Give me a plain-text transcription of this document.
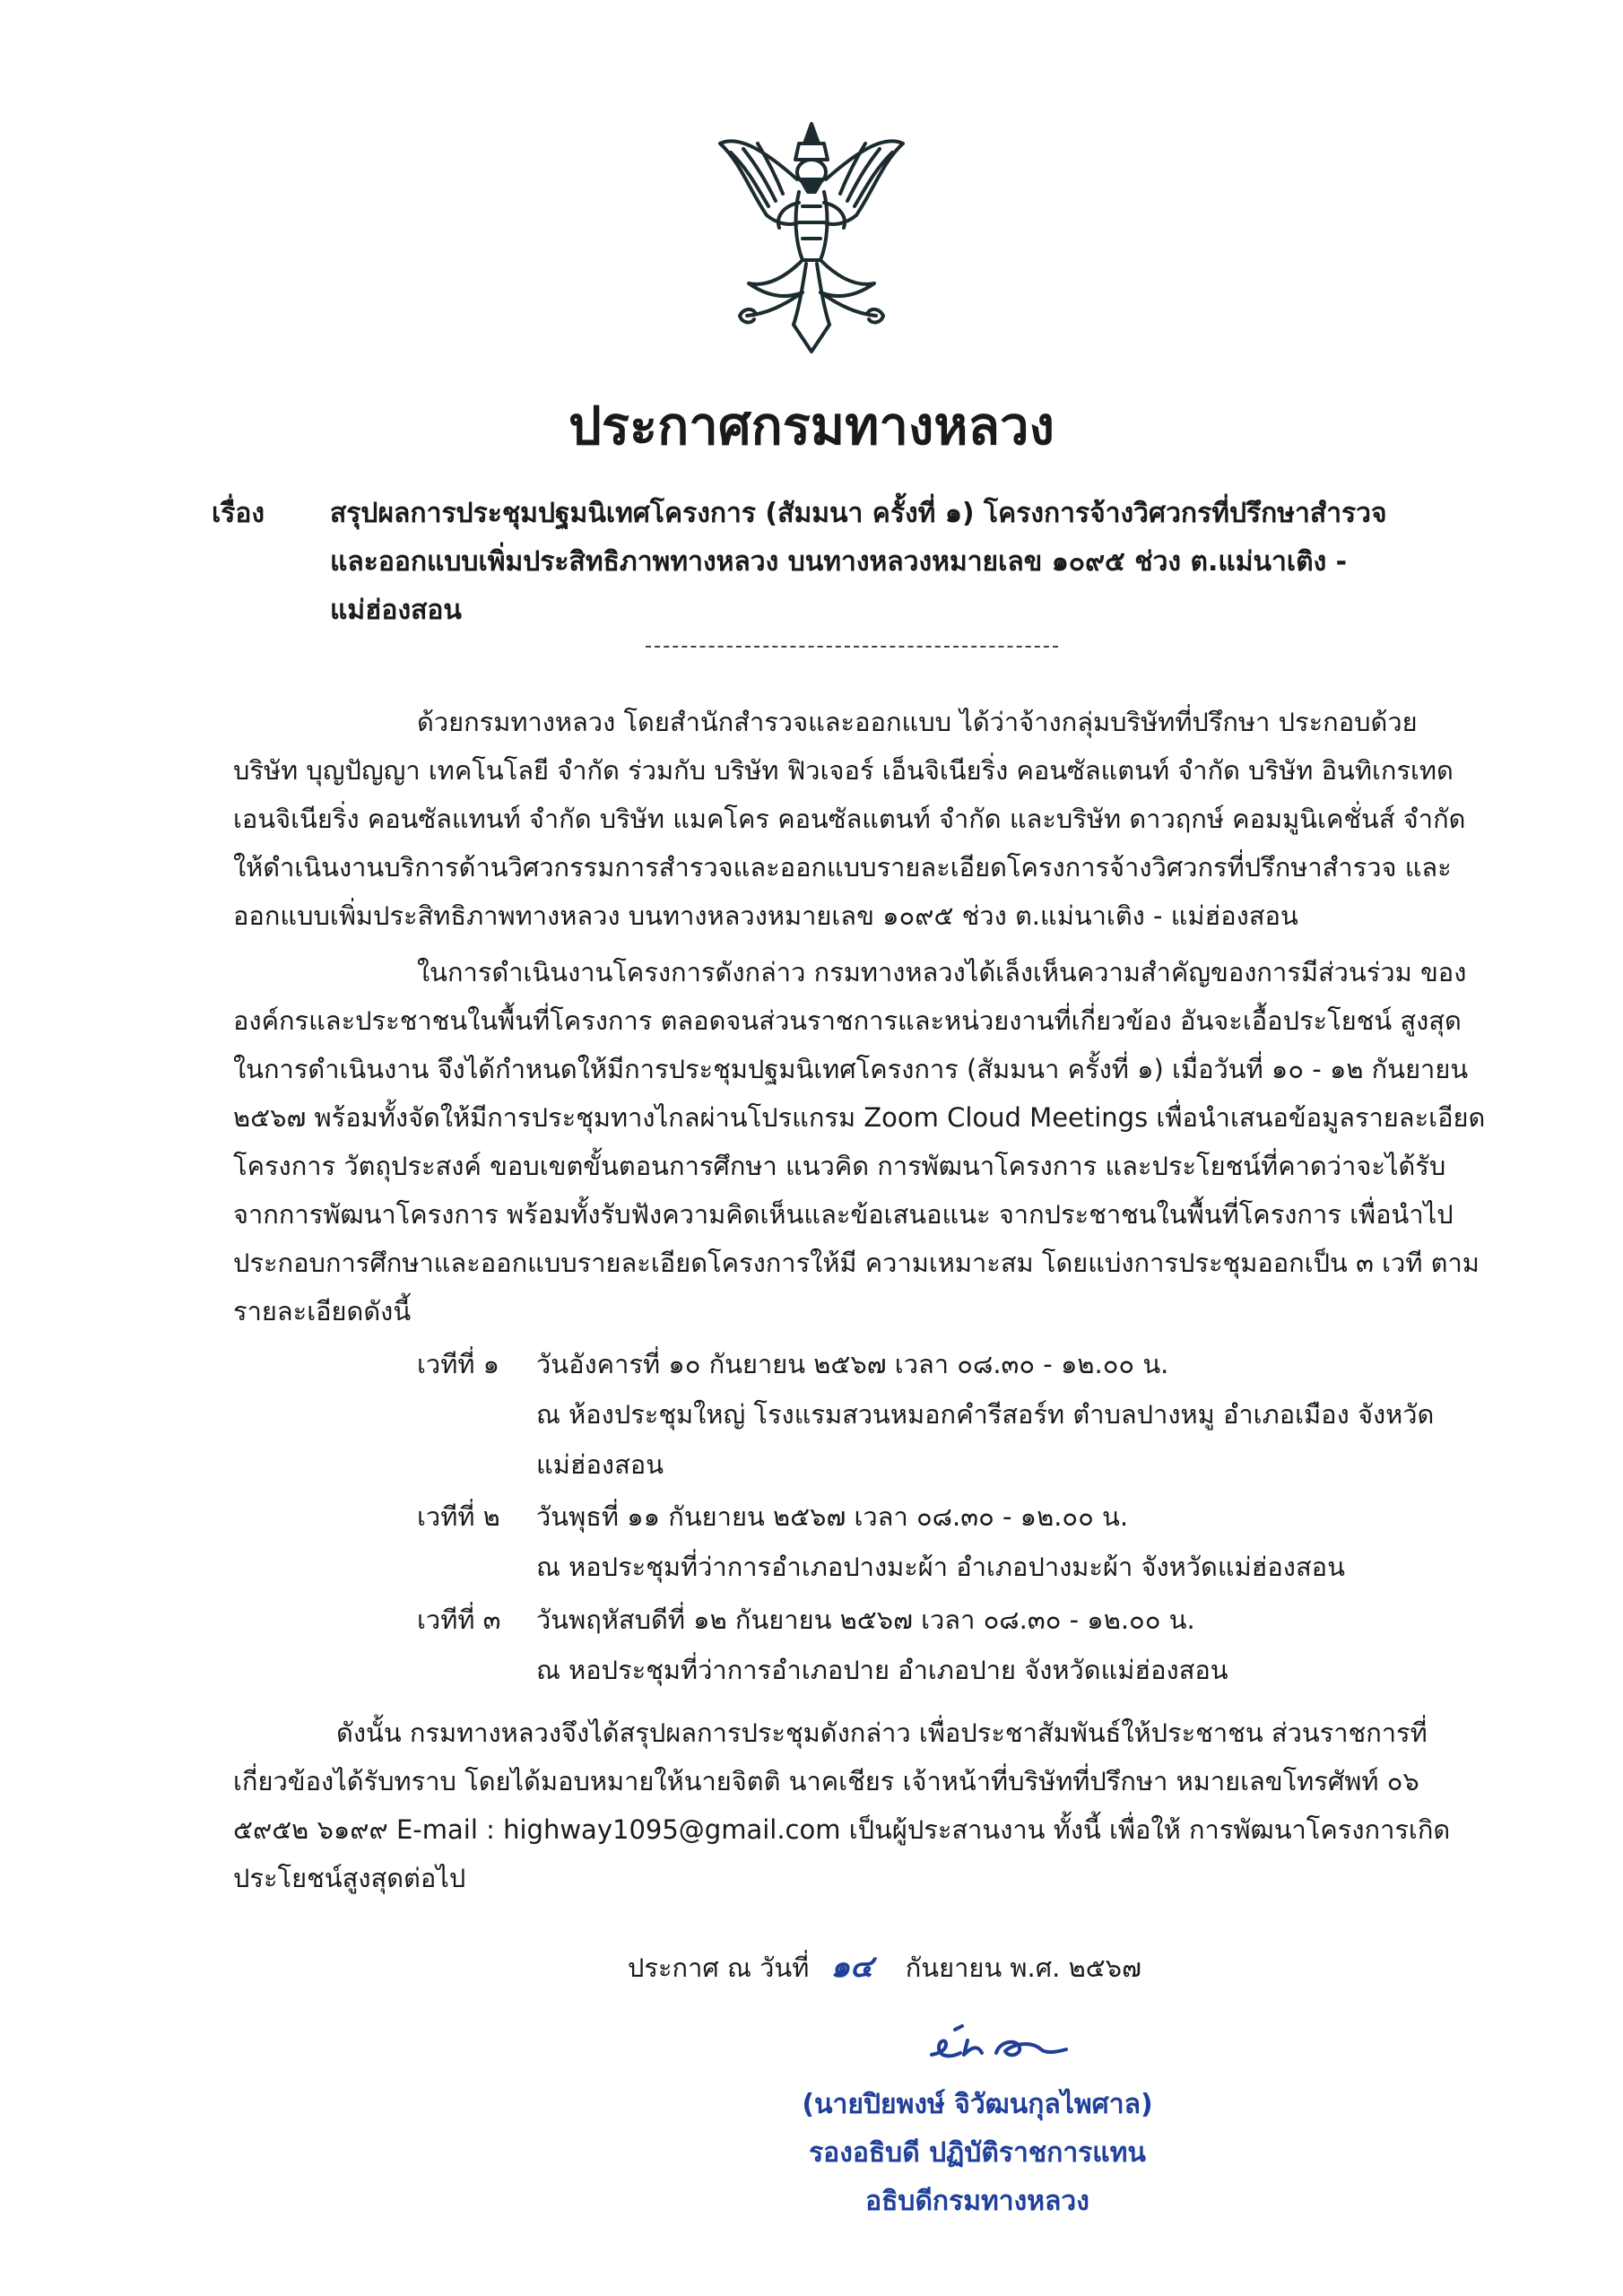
ประกาศกรมทางหลวง
เรื่อง สรุปผลการประชุมปฐมนิเทศโครงการ (สัมมนา ครั้งที่ ๑) โครงการจ้างวิศวกรที่ปรึกษาสำรวจ
และออกแบบเพิ่มประสิทธิภาพทางหลวง บนทางหลวงหมายเลข ๑๐๙๕ ช่วง ต.แม่นาเติง -
แม่ฮ่องสอน
ด้วยกรมทางหลวง โดยสำนักสำรวจและออกแบบ ได้ว่าจ้างกลุ่มบริษัทที่ปรึกษา ประกอบด้วย บริษัท บุญปัญญา เทคโนโลยี จำกัด ร่วมกับ บริษัท ฟิวเจอร์ เอ็นจิเนียริ่ง คอนซัลแตนท์ จำกัด บริษัท อินทิเกรเทด เอนจิเนียริ่ง คอนซัลแทนท์ จำกัด บริษัท แมคโคร คอนซัลแตนท์ จำกัด และบริษัท ดาวฤกษ์ คอมมูนิเคชั่นส์ จำกัด ให้ดำเนินงานบริการด้านวิศวกรรมการสำรวจและออกแบบรายละเอียดโครงการจ้างวิศวกรที่ปรึกษาสำรวจ และออกแบบเพิ่มประสิทธิภาพทางหลวง บนทางหลวงหมายเลข ๑๐๙๕ ช่วง ต.แม่นาเติง - แม่ฮ่องสอน
ในการดำเนินงานโครงการดังกล่าว กรมทางหลวงได้เล็งเห็นความสำคัญของการมีส่วนร่วม ขององค์กรและประชาชนในพื้นที่โครงการ ตลอดจนส่วนราชการและหน่วยงานที่เกี่ยวข้อง อันจะเอื้อประโยชน์ สูงสุดในการดำเนินงาน จึงได้กำหนดให้มีการประชุมปฐมนิเทศโครงการ (สัมมนา ครั้งที่ ๑) เมื่อวันที่ ๑๐ - ๑๒ กันยายน ๒๕๖๗ พร้อมทั้งจัดให้มีการประชุมทางไกลผ่านโปรแกรม Zoom Cloud Meetings เพื่อนำเสนอข้อมูลรายละเอียดโครงการ วัตถุประสงค์ ขอบเขตขั้นตอนการศึกษา แนวคิด การพัฒนาโครงการ และประโยชน์ที่คาดว่าจะได้รับจากการพัฒนาโครงการ พร้อมทั้งรับฟังความคิดเห็นและข้อเสนอแนะ จากประชาชนในพื้นที่โครงการ เพื่อนำไปประกอบการศึกษาและออกแบบรายละเอียดโครงการให้มี ความเหมาะสม โดยแบ่งการประชุมออกเป็น ๓ เวที ตามรายละเอียดดังนี้
เวทีที่ ๑ วันอังคารที่ ๑๐ กันยายน ๒๕๖๗ เวลา ๐๘.๓๐ - ๑๒.๐๐ น.
ณ ห้องประชุมใหญ่ โรงแรมสวนหมอกคำรีสอร์ท ตำบลปางหมู อำเภอเมือง จังหวัด
แม่ฮ่องสอน
เวทีที่ ๒ วันพุธที่ ๑๑ กันยายน ๒๕๖๗ เวลา ๐๘.๓๐ - ๑๒.๐๐ น.
ณ หอประชุมที่ว่าการอำเภอปางมะผ้า อำเภอปางมะผ้า จังหวัดแม่ฮ่องสอน
เวทีที่ ๓ วันพฤหัสบดีที่ ๑๒ กันยายน ๒๕๖๗ เวลา ๐๘.๓๐ - ๑๒.๐๐ น.
ณ หอประชุมที่ว่าการอำเภอปาย อำเภอปาย จังหวัดแม่ฮ่องสอน
ดังนั้น กรมทางหลวงจึงได้สรุปผลการประชุมดังกล่าว เพื่อประชาสัมพันธ์ให้ประชาชน ส่วนราชการที่เกี่ยวข้องได้รับทราบ โดยได้มอบหมายให้นายจิตติ นาคเชียร เจ้าหน้าที่บริษัทที่ปรึกษา หมายเลขโทรศัพท์ ๐๖ ๕๙๕๒ ๖๑๙๙ E-mail : highway1095@gmail.com เป็นผู้ประสานงาน ทั้งนี้ เพื่อให้ การพัฒนาโครงการเกิดประโยชน์สูงสุดต่อไป
ประกาศ ณ วันที่ ๑๔ กันยายน พ.ศ. ๒๕๖๗
(นายปิยพงษ์ จิวัฒนกุลไพศาล)
รองอธิบดี ปฏิบัติราชการแทน
อธิบดีกรมทางหลวง
